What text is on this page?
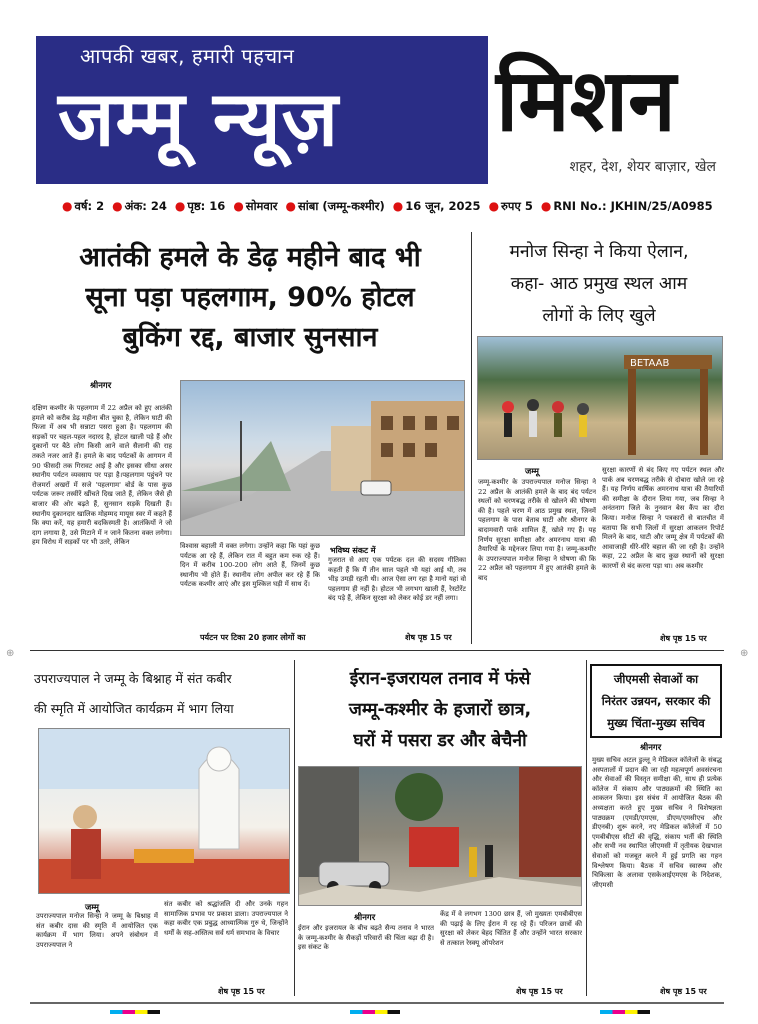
आपकी खबर, हमारी पहचान
जम्मू न्यूज़ मिशन
शहर, देश, शेयर बाज़ार, खेल
● वर्ष: 2 ● अंक: 24 ● पृष्ठ: 16 ● सोमवार ● सांबा (जम्मू-कश्मीर) ● 16 जून, 2025 ● रुपए 5 ● RNI No.: JKHIN/25/A0985
आतंकी हमले के डेढ़ महीने बाद भी
सूना पड़ा पहलगाम, 90% होटल
बुकिंग रद्द, बाजार सुनसान
श्रीनगर
दक्षिण कश्मीर के पहलगाम में 22 अप्रैल को हुए आतंकी हमले को करीब डेढ़ महीना बीत चुका है, लेकिन घाटी की फिजा में अब भी सन्नाटा पसरा हुआ है। पहलगाम की सड़कों पर चहल-पहल नदारद है, होटल खाली पड़े हैं और दुकानों पर बैठे लोग किसी आने वाले सैलानी की राह तकते नजर आते हैं। हमले के बाद पर्यटकों के आगमन में 90 फीसदी तक गिरावट आई है और इसका सीधा असर स्थानीय पर्यटन व्यवसाय पर पड़ा है।पहलगाम पहुंचने पर रोजमर्रा अखरों में सजे 'पहलगाम' बोर्ड के पास कुछ पर्यटक जरूर तस्वीरें खींचते दिख जाते हैं, लेकिन जैसे ही बाजार की ओर बढ़ते हैं, सुनसान सड़कें दिखती हैं। स्थानीय दुकानदार खालिक मोहम्मद मायूस स्वर में कहते हैं कि क्या करें, यह हमारी बदकिस्मती है। आतंकियों ने जो दाग लगाया है, उसे मिटाने में न जाने कितना वक्त लगेगा। हम विरोध में सड़कों पर भी उतरे, लेकिन	विश्वास बहाली में वक्त लगेगा। उन्होंने कहा कि यहां कुछ पर्यटक आ रहे हैं, लेकिन रात में बहुत कम रुक रहे हैं। दिन में करीब 100-200 लोग आते हैं, जिनमें कुछ स्थानीय भी होते हैं। स्थानीय लोग अपील कर रहे हैं कि पर्यटक कश्मीर आएं और इस मुश्किल घड़ी में साथ दें।
पर्यटन पर टिका 20 हजार लोगों का
भविष्य संकट में
गुजरात से आए एक पर्यटक दल की सदस्य गीतिका कहती हैं कि मैं तीन साल पहले भी यहां आई थी, तब भीड़ उमड़ी रहती थी। आज ऐसा लग रहा है मानो यहां वो पहलगाम ही नहीं है। होटल भी लगभग खाली हैं, रेस्टोरेंट बंद पड़े हैं, लेकिन सुरक्षा को लेकर कोई डर नहीं लगा।
शेष पृष्ठ 15 पर
मनोज सिन्हा ने किया ऐलान,
कहा- आठ प्रमुख स्थल आम
लोगों के लिए खुले
BETAAB
जम्मू
जम्मू-कश्मीर के उपराज्यपाल मनोज सिन्हा ने 22 अप्रैल के आतंकी हमले के बाद बंद पर्यटन स्थलों को चरणबद्ध तरीके से खोलने की घोषणा की है। पहले चरण में आठ प्रमुख स्थल, जिनमें पहलगाम के पास बेताब घाटी और श्रीनगर के बादामवारी पार्क शामिल हैं, खोले गए हैं। यह निर्णय सुरक्षा समीक्षा और अमरनाथ यात्रा की तैयारियों के मद्देनजर लिया गया है। जम्मू-कश्मीर के उपराज्यपाल मनोज सिन्हा ने घोषणा की कि 22 अप्रैल को पहलगाम में हुए आतंकी हमले के बाद
सुरक्षा कारणों से बंद किए गए पर्यटन स्थल और पार्क अब चरणबद्ध तरीके से दोबारा खोले जा रहे हैं। यह निर्णय वार्षिक अमरनाथ यात्रा की तैयारियों की समीक्षा के दौरान लिया गया, जब सिन्हा ने अनंतनाग जिले के नुनवान बेस कैंप का दौरा किया। मनोज सिन्हा ने पत्रकारों से बातचीत में बताया कि सभी जिलों में सुरक्षा आकलन रिपोर्ट मिलने के बाद, घाटी और जम्मू क्षेत्र में पर्यटकों की आवाजाही धीरे-धीरे बहाल की जा रही है। उन्होंने कहा, 22 अप्रैल के बाद कुछ स्थानों को सुरक्षा कारणों से बंद करना पड़ा था। अब कश्मीर
शेष पृष्ठ 15 पर
⊕	⊕
उपराज्यपाल ने जम्मू के बिश्नाह में संत कबीर
की स्मृति में आयोजित कार्यक्रम में भाग लिया
जम्मू
उपराज्यपाल मनोज सिन्हा ने जम्मू के बिश्नाह में संत कबीर दास की स्मृति में आयोजित एक कार्यक्रम में भाग लिया। अपने संबोधन में उपराज्यपाल ने
संत कबीर को श्रद्धांजलि दी और उनके गहन सामाजिक प्रभाव पर प्रकाश डाला। उपराज्यपाल ने कहा कबीर एक प्रबुद्ध आध्यात्मिक गुरु थे, जिन्होंने धर्मों के सह-अस्तित्व सर्व धर्म समभाव के विचार
शेष पृष्ठ 15 पर
ईरान-इजरायल तनाव में फंसे
जम्मू-कश्मीर के हजारों छात्र,
घरों में पसरा डर और बेचैनी
श्रीनगर
ईरान और इजरायल के बीच बढ़ते सैन्य तनाव ने भारत के जम्मू-कश्मीर के सैकड़ों परिवारों की चिंता बढ़ा दी है। इस संकट के
केंद्र में वे लगभग 1300 छात्र हैं, जो मुख्यतः एमबीबीएस की पढ़ाई के लिए ईरान में रह रहे हैं। परिजन छात्रों की सुरक्षा को लेकर बेहद चिंतित हैं और उन्होंने भारत सरकार से तत्काल रेस्क्यू ऑपरेशन
शेष पृष्ठ 15 पर
जीएमसी सेवाओं का
निरंतर उन्नयन, सरकार की
मुख्य चिंता-मुख्य सचिव
श्रीनगर
मुख्य सचिव अटल डुल्लू ने मेडिकल कॉलेजों के संबद्ध अस्पतालों में प्रदान की जा रही महत्वपूर्ण अवसंरचना और सेवाओं की विस्तृत समीक्षा की, साथ ही प्रत्येक कॉलेज में संकाय और पाठ्यक्रमों की स्थिति का आकलन किया। इस संबंध में आयोजित बैठक की अध्यक्षता करते हुए मुख्य सचिव ने विशेषज्ञता पाठ्यक्रम (एमडी/एमएस, डीएम/एमसीएच और डीएनबी) शुरू करने, नए मेडिकल कॉलेजों में 50 एमबीबीएस सीटों की वृद्धि, संकाय भर्ती की स्थिति और सभी नव स्थापित जीएमसी में तृतीयक देखभाल सेवाओं को मजबूत करने में हुई प्रगति का गहन विश्लेषण किया। बैठक में सचिव स्वास्थ्य और चिकित्सा के अलावा एसकेआईएमएस के निदेशक, जीएमसी
शेष पृष्ठ 15 पर
